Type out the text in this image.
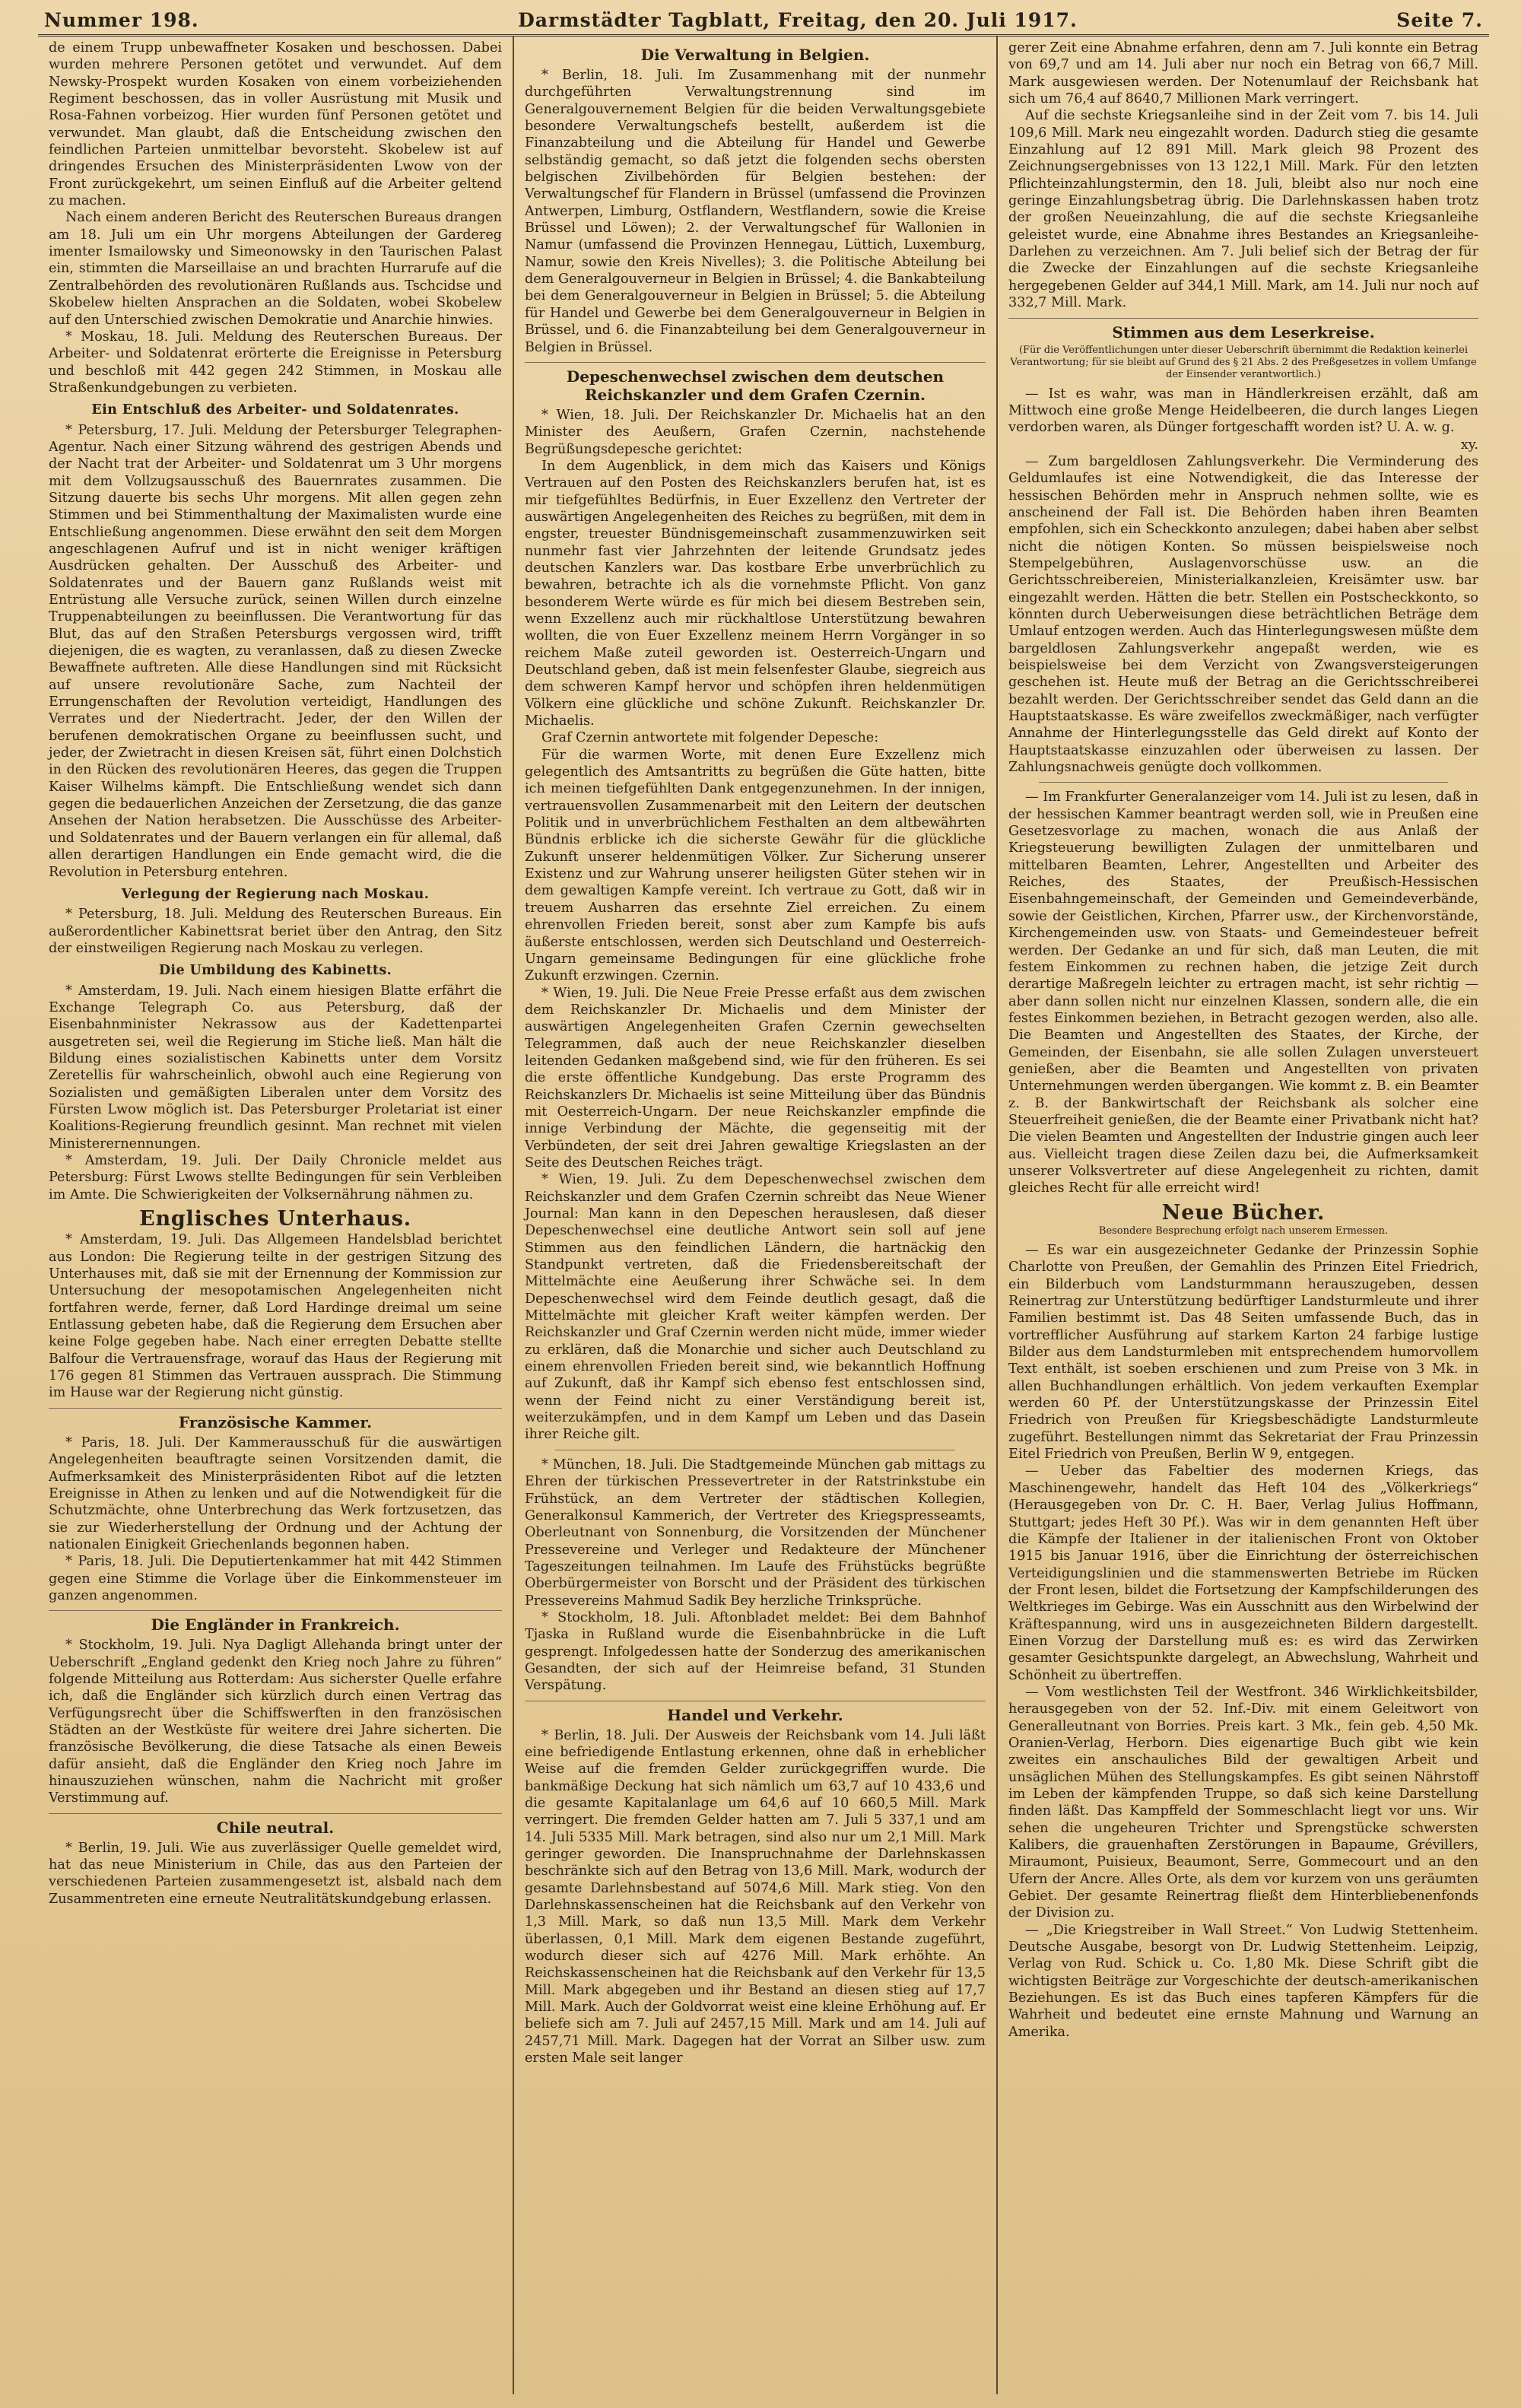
Nummer 198.	Darmstädter Tagblatt, Freitag, den 20. Juli 1917.	Seite 7.

de einem Trupp unbewaffneter Kosaken und beschossen. Dabei wurden mehrere Personen getötet und verwundet. Auf dem Newsky-Prospekt wurden Kosaken von einem vorbeiziehenden Regiment beschossen, das in voller Ausrüstung mit Musik und Rosa-Fahnen vorbeizog. Hier wurden fünf Personen getötet und verwundet. Man glaubt, daß die Entscheidung zwischen den feindlichen Parteien unmittelbar bevorsteht. Skobelew ist auf dringendes Ersuchen des Ministerpräsidenten Lwow von der Front zurückgekehrt, um seinen Einfluß auf die Arbeiter geltend zu machen.

Nach einem anderen Bericht des Reuterschen Bureaus drangen am 18. Juli um ein Uhr morgens Abteilungen der Gardereg imenter Ismailowsky und Simeonowsky in den Taurischen Palast ein, stimmten die Marseillaise an und brachten Hurrarufe auf die Zentralbehörden des revolutionären Rußlands aus. Tschcidse und Skobelew hielten Ansprachen an die Soldaten, wobei Skobelew auf den Unterschied zwischen Demokratie und Anarchie hinwies.

* Moskau, 18. Juli. Meldung des Reuterschen Bureaus. Der Arbeiter- und Soldatenrat erörterte die Ereignisse in Petersburg und beschloß mit 442 gegen 242 Stimmen, in Moskau alle Straßenkundgebungen zu verbieten.

Ein Entschluß des Arbeiter- und Soldatenrates.

* Petersburg, 17. Juli. Meldung der Petersburger Telegraphen-Agentur. Nach einer Sitzung während des gestrigen Abends und der Nacht trat der Arbeiter- und Soldatenrat um 3 Uhr morgens mit dem Vollzugsausschuß des Bauernrates zusammen. Die Sitzung dauerte bis sechs Uhr morgens. Mit allen gegen zehn Stimmen und bei Stimmenthaltung der Maximalisten wurde eine Entschließung angenommen. Diese erwähnt den seit dem Morgen angeschlagenen Aufruf und ist in nicht weniger kräftigen Ausdrücken gehalten. Der Ausschuß des Arbeiter- und Soldatenrates und der Bauern ganz Rußlands weist mit Entrüstung alle Versuche zurück, seinen Willen durch einzelne Truppenabteilungen zu beeinflussen. Die Verantwortung für das Blut, das auf den Straßen Petersburgs vergossen wird, trifft diejenigen, die es wagten, zu veranlassen, daß zu diesen Zwecke Bewaffnete auftreten. Alle diese Handlungen sind mit Rücksicht auf unsere revolutionäre Sache, zum Nachteil der Errungenschaften der Revolution verteidigt, Handlungen des Verrates und der Niedertracht. Jeder, der den Willen der berufenen demokratischen Organe zu beeinflussen sucht, und jeder, der Zwietracht in diesen Kreisen sät, führt einen Dolchstich in den Rücken des revolutionären Heeres, das gegen die Truppen Kaiser Wilhelms kämpft. Die Entschließung wendet sich dann gegen die bedauerlichen Anzeichen der Zersetzung, die das ganze Ansehen der Nation herabsetzen. Die Ausschüsse des Arbeiter- und Soldatenrates und der Bauern verlangen ein für allemal, daß allen derartigen Handlungen ein Ende gemacht wird, die die Revolution in Petersburg entehren.

Verlegung der Regierung nach Moskau.

* Petersburg, 18. Juli. Meldung des Reuterschen Bureaus. Ein außerordentlicher Kabinettsrat beriet über den Antrag, den Sitz der einstweiligen Regierung nach Moskau zu verlegen.

Die Umbildung des Kabinetts.

* Amsterdam, 19. Juli. Nach einem hiesigen Blatte erfährt die Exchange Telegraph Co. aus Petersburg, daß der Eisenbahnminister Nekrassow aus der Kadettenpartei ausgetreten sei, weil die Regierung im Stiche ließ. Man hält die Bildung eines sozialistischen Kabinetts unter dem Vorsitz Zeretellis für wahrscheinlich, obwohl auch eine Regierung von Sozialisten und gemäßigten Liberalen unter dem Vorsitz des Fürsten Lwow möglich ist. Das Petersburger Proletariat ist einer Koalitions-Regierung freundlich gesinnt. Man rechnet mit vielen Ministerernennungen.

* Amsterdam, 19. Juli. Der Daily Chronicle meldet aus Petersburg: Fürst Lwows stellte Bedingungen für sein Verbleiben im Amte. Die Schwierigkeiten der Volksernährung nähmen zu.

Englisches Unterhaus.

* Amsterdam, 19. Juli. Das Allgemeen Handelsblad berichtet aus London: Die Regierung teilte in der gestrigen Sitzung des Unterhauses mit, daß sie mit der Ernennung der Kommission zur Untersuchung der mesopotamischen Angelegenheiten nicht fortfahren werde, ferner, daß Lord Hardinge dreimal um seine Entlassung gebeten habe, daß die Regierung dem Ersuchen aber keine Folge gegeben habe. Nach einer erregten Debatte stellte Balfour die Vertrauensfrage, worauf das Haus der Regierung mit 176 gegen 81 Stimmen das Vertrauen aussprach. Die Stimmung im Hause war der Regierung nicht günstig.

Französische Kammer.

* Paris, 18. Juli. Der Kammerausschuß für die auswärtigen Angelegenheiten beauftragte seinen Vorsitzenden damit, die Aufmerksamkeit des Ministerpräsidenten Ribot auf die letzten Ereignisse in Athen zu lenken und auf die Notwendigkeit für die Schutzmächte, ohne Unterbrechung das Werk fortzusetzen, das sie zur Wiederherstellung der Ordnung und der Achtung der nationalen Einigkeit Griechenlands begonnen haben.

* Paris, 18. Juli. Die Deputiertenkammer hat mit 442 Stimmen gegen eine Stimme die Vorlage über die Einkommensteuer im ganzen angenommen.

Die Engländer in Frankreich.

* Stockholm, 19. Juli. Nya Dagligt Allehanda bringt unter der Ueberschrift „England gedenkt den Krieg noch Jahre zu führen“ folgende Mitteilung aus Rotterdam: Aus sicherster Quelle erfahre ich, daß die Engländer sich kürzlich durch einen Vertrag das Verfügungsrecht über die Schiffswerften in den französischen Städten an der Westküste für weitere drei Jahre sicherten. Die französische Bevölkerung, die diese Tatsache als einen Beweis dafür ansieht, daß die Engländer den Krieg noch Jahre im hinauszuziehen wünschen, nahm die Nachricht mit großer Verstimmung auf.

Chile neutral.

* Berlin, 19. Juli. Wie aus zuverlässiger Quelle gemeldet wird, hat das neue Ministerium in Chile, das aus den Parteien der verschiedenen Parteien zusammengesetzt ist, alsbald nach dem Zusammentreten eine erneute Neutralitätskundgebung erlassen.

Die Verwaltung in Belgien.

* Berlin, 18. Juli. Im Zusammenhang mit der nunmehr durchgeführten Verwaltungstrennung sind im Generalgouvernement Belgien für die beiden Verwaltungsgebiete besondere Verwaltungschefs bestellt, außerdem ist die Finanzabteilung und die Abteilung für Handel und Gewerbe selbständig gemacht, so daß jetzt die folgenden sechs obersten belgischen Zivilbehörden für Belgien bestehen: der Verwaltungschef für Flandern in Brüssel (umfassend die Provinzen Antwerpen, Limburg, Ostflandern, Westflandern, sowie die Kreise Brüssel und Löwen); 2. der Verwaltungschef für Wallonien in Namur (umfassend die Provinzen Hennegau, Lüttich, Luxemburg, Namur, sowie den Kreis Nivelles); 3. die Politische Abteilung bei dem Generalgouverneur in Belgien in Brüssel; 4. die Bankabteilung bei dem Generalgouverneur in Belgien in Brüssel; 5. die Abteilung für Handel und Gewerbe bei dem Generalgouverneur in Belgien in Brüssel, und 6. die Finanzabteilung bei dem Generalgouverneur in Belgien in Brüssel.

Depeschenwechsel zwischen dem deutschen Reichskanzler und dem Grafen Czernin.

* Wien, 18. Juli. Der Reichskanzler Dr. Michaelis hat an den Minister des Aeußern, Grafen Czernin, nachstehende Begrüßungsdepesche gerichtet:

In dem Augenblick, in dem mich das Kaisers und Königs Vertrauen auf den Posten des Reichskanzlers berufen hat, ist es mir tiefgefühltes Bedürfnis, in Euer Exzellenz den Vertreter der auswärtigen Angelegenheiten des Reiches zu begrüßen, mit dem in engster, treuester Bündnisgemeinschaft zusammenzuwirken seit nunmehr fast vier Jahrzehnten der leitende Grundsatz jedes deutschen Kanzlers war. Das kostbare Erbe unverbrüchlich zu bewahren, betrachte ich als die vornehmste Pflicht. Von ganz besonderem Werte würde es für mich bei diesem Bestreben sein, wenn Exzellenz auch mir rückhaltlose Unterstützung bewahren wollten, die von Euer Exzellenz meinem Herrn Vorgänger in so reichem Maße zuteil geworden ist. Oesterreich-Ungarn und Deutschland geben, daß ist mein felsenfester Glaube, siegreich aus dem schweren Kampf hervor und schöpfen ihren heldenmütigen Völkern eine glückliche und schöne Zukunft. Reichskanzler Dr. Michaelis.

Graf Czernin antwortete mit folgender Depesche:

Für die warmen Worte, mit denen Eure Exzellenz mich gelegentlich des Amtsantritts zu begrüßen die Güte hatten, bitte ich meinen tiefgefühlten Dank entgegenzunehmen. In der innigen, vertrauensvollen Zusammenarbeit mit den Leitern der deutschen Politik und in unverbrüchlichem Festhalten an dem altbewährten Bündnis erblicke ich die sicherste Gewähr für die glückliche Zukunft unserer heldenmütigen Völker. Zur Sicherung unserer Existenz und zur Wahrung unserer heiligsten Güter stehen wir in dem gewaltigen Kampfe vereint. Ich vertraue zu Gott, daß wir in treuem Ausharren das ersehnte Ziel erreichen. Zu einem ehrenvollen Frieden bereit, sonst aber zum Kampfe bis aufs äußerste entschlossen, werden sich Deutschland und Oesterreich-Ungarn gemeinsame Bedingungen für eine glückliche frohe Zukunft erzwingen. Czernin.

* Wien, 19. Juli. Die Neue Freie Presse erfaßt aus dem zwischen dem Reichskanzler Dr. Michaelis und dem Minister der auswärtigen Angelegenheiten Grafen Czernin gewechselten Telegrammen, daß auch der neue Reichskanzler dieselben leitenden Gedanken maßgebend sind, wie für den früheren. Es sei die erste öffentliche Kundgebung. Das erste Programm des Reichskanzlers Dr. Michaelis ist seine Mitteilung über das Bündnis mit Oesterreich-Ungarn. Der neue Reichskanzler empfinde die innige Verbindung der Mächte, die gegenseitig mit der Verbündeten, der seit drei Jahren gewaltige Kriegslasten an der Seite des Deutschen Reiches trägt.

* Wien, 19. Juli. Zu dem Depeschenwechsel zwischen dem Reichskanzler und dem Grafen Czernin schreibt das Neue Wiener Journal: Man kann in den Depeschen herauslesen, daß dieser Depeschenwechsel eine deutliche Antwort sein soll auf jene Stimmen aus den feindlichen Ländern, die hartnäckig den Standpunkt vertreten, daß die Friedensbereitschaft der Mittelmächte eine Aeußerung ihrer Schwäche sei. In dem Depeschenwechsel wird dem Feinde deutlich gesagt, daß die Mittelmächte mit gleicher Kraft weiter kämpfen werden. Der Reichskanzler und Graf Czernin werden nicht müde, immer wieder zu erklären, daß die Monarchie und sicher auch Deutschland zu einem ehrenvollen Frieden bereit sind, wie bekanntlich Hoffnung auf Zukunft, daß ihr Kampf sich ebenso fest entschlossen sind, wenn der Feind nicht zu einer Verständigung bereit ist, weiterzukämpfen, und in dem Kampf um Leben und das Dasein ihrer Reiche gilt.

* München, 18. Juli. Die Stadtgemeinde München gab mittags zu Ehren der türkischen Pressevertreter in der Ratstrinkstube ein Frühstück, an dem Vertreter der städtischen Kollegien, Generalkonsul Kammerich, der Vertreter des Kriegspresseamts, Oberleutnant von Sonnenburg, die Vorsitzenden der Münchener Pressevereine und Verleger und Redakteure der Münchener Tageszeitungen teilnahmen. Im Laufe des Frühstücks begrüßte Oberbürgermeister von Borscht und der Präsident des türkischen Pressevereins Mahmud Sadik Bey herzliche Trinksprüche.

* Stockholm, 18. Juli. Aftonbladet meldet: Bei dem Bahnhof Tjaska in Rußland wurde die Eisenbahnbrücke in die Luft gesprengt. Infolgedessen hatte der Sonderzug des amerikanischen Gesandten, der sich auf der Heimreise befand, 31 Stunden Verspätung.

Handel und Verkehr.

* Berlin, 18. Juli. Der Ausweis der Reichsbank vom 14. Juli läßt eine befriedigende Entlastung erkennen, ohne daß in erheblicher Weise auf die fremden Gelder zurückgegriffen wurde. Die bankmäßige Deckung hat sich nämlich um 63,7 auf 10 433,6 und die gesamte Kapitalanlage um 64,6 auf 10 660,5 Mill. Mark verringert. Die fremden Gelder hatten am 7. Juli 5 337,1 und am 14. Juli 5335 Mill. Mark betragen, sind also nur um 2,1 Mill. Mark geringer geworden. Die Inanspruchnahme der Darlehnskassen beschränkte sich auf den Betrag von 13,6 Mill. Mark, wodurch der gesamte Darlehnsbestand auf 5074,6 Mill. Mark stieg. Von den Darlehnskassenscheinen hat die Reichsbank auf den Verkehr von 1,3 Mill. Mark, so daß nun 13,5 Mill. Mark dem Verkehr überlassen, 0,1 Mill. Mark dem eigenen Bestande zugeführt, wodurch dieser sich auf 4276 Mill. Mark erhöhte. An Reichskassenscheinen hat die Reichsbank auf den Verkehr für 13,5 Mill. Mark abgegeben und ihr Bestand an diesen stieg auf 17,7 Mill. Mark. Auch der Goldvorrat weist eine kleine Erhöhung auf. Er beliefe sich am 7. Juli auf 2457,15 Mill. Mark und am 14. Juli auf 2457,71 Mill. Mark. Dagegen hat der Vorrat an Silber usw. zum ersten Male seit langer

gerer Zeit eine Abnahme erfahren, denn am 7. Juli konnte ein Betrag von 69,7 und am 14. Juli aber nur noch ein Betrag von 66,7 Mill. Mark ausgewiesen werden. Der Notenumlauf der Reichsbank hat sich um 76,4 auf 8640,7 Millionen Mark verringert.

Auf die sechste Kriegsanleihe sind in der Zeit vom 7. bis 14. Juli 109,6 Mill. Mark neu eingezahlt worden. Dadurch stieg die gesamte Einzahlung auf 12 891 Mill. Mark gleich 98 Prozent des Zeichnungsergebnisses von 13 122,1 Mill. Mark. Für den letzten Pflichteinzahlungstermin, den 18. Juli, bleibt also nur noch eine geringe Einzahlungsbetrag übrig. Die Darlehnskassen haben trotz der großen Neueinzahlung, die auf die sechste Kriegsanleihe geleistet wurde, eine Abnahme ihres Bestandes an Kriegsanleihe-Darlehen zu verzeichnen. Am 7. Juli belief sich der Betrag der für die Zwecke der Einzahlungen auf die sechste Kriegsanleihe hergegebenen Gelder auf 344,1 Mill. Mark, am 14. Juli nur noch auf 332,7 Mill. Mark.

Stimmen aus dem Leserkreise.
(Für die Veröffentlichungen unter dieser Ueberschrift übernimmt die Redaktion keinerlei Verantwortung; für sie bleibt auf Grund des § 21 Abs. 2 des Preßgesetzes in vollem Umfange der Einsender verantwortlich.)

— Ist es wahr, was man in Händlerkreisen erzählt, daß am Mittwoch eine große Menge Heidelbeeren, die durch langes Liegen verdorben waren, als Dünger fortgeschafft worden ist? U. A. w. g.

xy.

— Zum bargeldlosen Zahlungsverkehr. Die Verminderung des Geldumlaufes ist eine Notwendigkeit, die das Interesse der hessischen Behörden mehr in Anspruch nehmen sollte, wie es anscheinend der Fall ist. Die Behörden haben ihren Beamten empfohlen, sich ein Scheckkonto anzulegen; dabei haben aber selbst nicht die nötigen Konten. So müssen beispielsweise noch Stempelgebühren, Auslagenvorschüsse usw. an die Gerichtsschreibereien, Ministerialkanzleien, Kreisämter usw. bar eingezahlt werden. Hätten die betr. Stellen ein Postscheckkonto, so könnten durch Ueberweisungen diese beträchtlichen Beträge dem Umlauf entzogen werden. Auch das Hinterlegungswesen müßte dem bargeldlosen Zahlungsverkehr angepaßt werden, wie es beispielsweise bei dem Verzicht von Zwangsversteigerungen geschehen ist. Heute muß der Betrag an die Gerichtsschreiberei bezahlt werden. Der Gerichtsschreiber sendet das Geld dann an die Hauptstaatskasse. Es wäre zweifellos zweckmäßiger, nach verfügter Annahme der Hinterlegungsstelle das Geld direkt auf Konto der Hauptstaatskasse einzuzahlen oder überweisen zu lassen. Der Zahlungsnachweis genügte doch vollkommen.

— Im Frankfurter Generalanzeiger vom 14. Juli ist zu lesen, daß in der hessischen Kammer beantragt werden soll, wie in Preußen eine Gesetzesvorlage zu machen, wonach die aus Anlaß der Kriegsteuerung bewilligten Zulagen der unmittelbaren und mittelbaren Beamten, Lehrer, Angestellten und Arbeiter des Reiches, des Staates, der Preußisch-Hessischen Eisenbahngemeinschaft, der Gemeinden und Gemeindeverbände, sowie der Geistlichen, Kirchen, Pfarrer usw., der Kirchenvorstände, Kirchengemeinden usw. von Staats- und Gemeindesteuer befreit werden. Der Gedanke an und für sich, daß man Leuten, die mit festem Einkommen zu rechnen haben, die jetzige Zeit durch derartige Maßregeln leichter zu ertragen macht, ist sehr richtig — aber dann sollen nicht nur einzelnen Klassen, sondern alle, die ein festes Einkommen beziehen, in Betracht gezogen werden, also alle. Die Beamten und Angestellten des Staates, der Kirche, der Gemeinden, der Eisenbahn, sie alle sollen Zulagen unversteuert genießen, aber die Beamten und Angestellten von privaten Unternehmungen werden übergangen. Wie kommt z. B. ein Beamter z. B. der Bankwirtschaft der Reichsbank als solcher eine Steuerfreiheit genießen, die der Beamte einer Privatbank nicht hat? Die vielen Beamten und Angestellten der Industrie gingen auch leer aus. Vielleicht tragen diese Zeilen dazu bei, die Aufmerksamkeit unserer Volksvertreter auf diese Angelegenheit zu richten, damit gleiches Recht für alle erreicht wird!

Neue Bücher.
Besondere Besprechung erfolgt nach unserem Ermessen.

— Es war ein ausgezeichneter Gedanke der Prinzessin Sophie Charlotte von Preußen, der Gemahlin des Prinzen Eitel Friedrich, ein Bilderbuch vom Landsturmmann herauszugeben, dessen Reinertrag zur Unterstützung bedürftiger Landsturmleute und ihrer Familien bestimmt ist. Das 48 Seiten umfassende Buch, das in vortrefflicher Ausführung auf starkem Karton 24 farbige lustige Bilder aus dem Landsturmleben mit entsprechendem humorvollem Text enthält, ist soeben erschienen und zum Preise von 3 Mk. in allen Buchhandlungen erhältlich. Von jedem verkauften Exemplar werden 60 Pf. der Unterstützungskasse der Prinzessin Eitel Friedrich von Preußen für Kriegsbeschädigte Landsturmleute zugeführt. Bestellungen nimmt das Sekretariat der Frau Prinzessin Eitel Friedrich von Preußen, Berlin W 9, entgegen.

— Ueber das Fabeltier des modernen Kriegs, das Maschinengewehr, handelt das Heft 104 des „Völkerkriegs“ (Herausgegeben von Dr. C. H. Baer, Verlag Julius Hoffmann, Stuttgart; jedes Heft 30 Pf.). Was wir in dem genannten Heft über die Kämpfe der Italiener in der italienischen Front von Oktober 1915 bis Januar 1916, über die Einrichtung der österreichischen Verteidigungslinien und die stammenswerten Betriebe im Rücken der Front lesen, bildet die Fortsetzung der Kampfschilderungen des Weltkrieges im Gebirge. Was ein Ausschnitt aus den Wirbelwind der Kräftespannung, wird uns in ausgezeichneten Bildern dargestellt. Einen Vorzug der Darstellung muß es: es wird das Zerwirken gesamter Gesichtspunkte dargelegt, an Abwechslung, Wahrheit und Schönheit zu übertreffen.

— Vom westlichsten Teil der Westfront. 346 Wirklichkeitsbilder, herausgegeben von der 52. Inf.-Div. mit einem Geleitwort von Generalleutnant von Borries. Preis kart. 3 Mk., fein geb. 4,50 Mk. Oranien-Verlag, Herborn. Dies eigenartige Buch gibt wie kein zweites ein anschauliches Bild der gewaltigen Arbeit und unsäglichen Mühen des Stellungskampfes. Es gibt seinen Nährstoff im Leben der kämpfenden Truppe, so daß sich keine Darstellung finden läßt. Das Kampffeld der Sommeschlacht liegt vor uns. Wir sehen die ungeheuren Trichter und Sprengstücke schwersten Kalibers, die grauenhaften Zerstörungen in Bapaume, Grévillers, Miraumont, Puisieux, Beaumont, Serre, Gommecourt und an den Ufern der Ancre. Alles Orte, als dem vor kurzem von uns geräumten Gebiet. Der gesamte Reinertrag fließt dem Hinterbliebenenfonds der Division zu.

— „Die Kriegstreiber in Wall Street.“ Von Ludwig Stettenheim. Deutsche Ausgabe, besorgt von Dr. Ludwig Stettenheim. Leipzig, Verlag von Rud. Schick u. Co. 1,80 Mk. Diese Schrift gibt die wichtigsten Beiträge zur Vorgeschichte der deutsch-amerikanischen Beziehungen. Es ist das Buch eines tapferen Kämpfers für die Wahrheit und bedeutet eine ernste Mahnung und Warnung an Amerika.
